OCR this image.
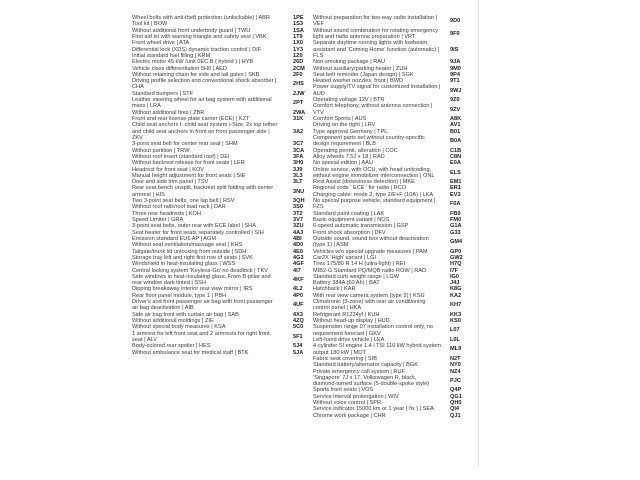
Wheel bolts with anti-theft protection (unlockable) | ABR	1PE
Tool kit | BOW	1S3
Without additional front underbody guard | TWU	1SA
First aid kit with warning triangle and safety vest | VBK	1T9
Front wheel drive | ATA	1X0
Differential lock (XDS) dynamic traction control | DIF	1Y3
Initial standard fuel filling | KRM	1Z0
Electric motor 45 kW /unit 0EC.B ( hybrid ) | HYB	26D
Vehicle class differentiation 5H0 | AED	2CM
Without retaining chain for side and tail gates | SKB	2F0
Driving profile selection and conventional shock absorber | CHA
2HS
Standard bumpers | STF	2JW
Leather steering wheel for air bag system with additional mass | LRA
2PT
Without additional tires | ZBR	2WA
Front and rear license plate carrier (ECE) | KZT	31K
Child seat anchors f. child seat system i-Size, 2x top tether and child seat anchors in front on front passenger side | ZKV
3A2
3-point seat belt for center rear seat | SHM	3C7
Without partition | TRW	3CA
Without roof insert (standard roof) | DEI	3FA
Without backrest release for front seats | LER	3H0
Headrest for front seat | KOV	3J9
Manual height adjustment for front seats | SIE	3L3
Door and side trim panel | TSV	3LT
Rear seat bench unsplit, backrest split folding with center armrest | HIS
3NU
Two 3-point seat belts, one lap belt | RSV	3QH
Without roof rails/roof load rack | DAR	3S0
Three rear headrests | KOH	3T2
Speed Limiter | GRA	3V7
3-point seat belts, outer rear with ECE label | SHA	3ZU
Seat heater for front seats separately controlled | SIH	4A3
Emission standard EU6 AP | AGM	4BI
Without seat ventilation/massage seat | KHS	4D0
Tailgate/trunk lid unlocking from outside | SDH	4E0
Storage tray left and right first row of seats | SVK	4G3
Windshield in heat-insulating glass | WSS	4GF
Central locking system 'Keyless-Go' no deadlock | TKV	4I7
Side windows in heat-insulating glass, From B-pillar and rear window dark tinted | SSH
4KF
Dipping breakaway interior rear view mirror | IRS	4L2
Rear floor panel module, type 1 | PBH	4P0
Driver's and front passenger air bag with front passenger air bag deactivation | AIB
4UF
Side air bag front with curtain air bag | SAB	4X3
Without additional moldings | ZIE	4ZQ
Without special body measures | KSA	5C0
1 armrest for left front seat and 2 armrests for right front seat | ALV
5F1
Body-colored rear spoiler | HES	5J4
Without ambulance seat for medical staff | BTK	5JA
Without preparation for two-way radio installation | VEF
9D0
Without sound combination for rotating emergency light and radio antenna preparation | VRT
9F0
Separate daytime running lights with lowbeam assistant and 'Coming Home' function (automatic) | FLS
9IS
Non-smoking package | RAU	9JA
Without auxiliary/parking heater | ZUH	9M0
Seat belt reminder (Japan design) | SGK	9P4
Heated washer nozzles, front | BWD	9T1
Power supply/TV signal for customized installation | AUD
9WJ
Operating voltage 12V | BTR	9Z0
Comfort telephony, without antenna connection | VTV
9ZV
Comfort Sports | AUS	A8K
Driving on the right | LRV	AV1
Type approval Germany | TPL	B01
Component parts set without country-specific design requirement | BLB
B0A
Operating permit, alteration | COC	C1B
Alloy wheels 7.5J x 18 | RAD	C8N
No special edition | AAU	E0A
Online service, with OCU, with head unitcoding, without engine immobilizer interconnection | ONL
ELS
Rest Assist (drowsiness detection) | MKE	EM1
Regional code ' ECE ' for radio | RCO	ER1
Charging cable: mode 2, type 2/E+F (10A) | LKA	EV3
No special purpose vehicle, standard equipment | FZS
F0A
Standard paint coating | LAK	FB0
Basic equipment variant | NOS	FM0
6-speed automatic transmission | GSP	G1A
Front shock absorption | DFV	G33
Outside sound, sound box without deactivation (type 1) | ASM
GM4
Vehicles w/o special upgrade measures | PAM	GP0
Car2X 'High' variant | LGI	GW2
Tires 175/80 R 14 H (ultra-light) | REI	H7Q
MIB2-G Standard PQ/MQB radio ROW | RAD	I7F
Standard curb weight range | LGW	IG0
Battery 384A (60 Ah) | BAT	J4J
Hatchback | KAR	K8G
With rear view camera system (type 2) | KSU	KA2
Climatronic (3-zone) with rear air conditioning control panel | HKA
KH7
Refrigerant R1234yf | KUH	KK3
Without head-up display | HUD	KS0
Suspension range 07 installation control only, no requirement forecast | GKV
L07
Left-hand drive vehicle | LEA	L0L
4-cylinder SI engine 1.4 l TSI 110 kW hybrid system output 180 kW | MOT
ML9
Fabric seat covering | SIB	N2T
Standard battery/alternator capacity | BGK	NY0
Private emergency call system | RUF	NZ4
'Singapore' 7J x 17, Volkswagen R, black, diamond-turned surface (5-double-spoke style)
PJC
Sports front seats | VOS	Q4P
Service interval prolongation | WIV	QG1
Without voice control | SPR	QH0
Service indicator 15000 km or 1 year ( fix ) | SEA	QI4
Chrome work package | CHR	QJ1
